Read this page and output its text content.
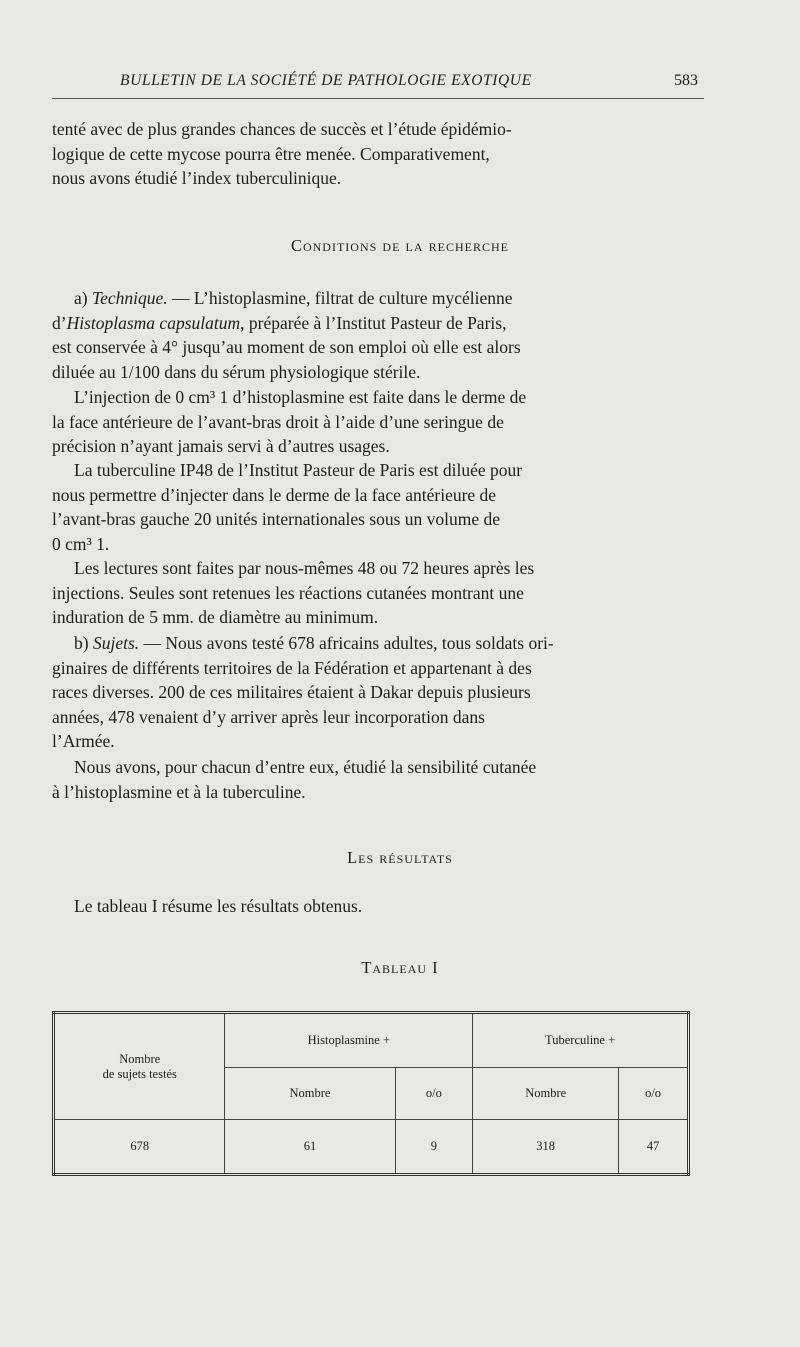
BULLETIN DE LA SOCIÉTÉ DE PATHOLOGIE EXOTIQUE	583

tenté avec de plus grandes chances de succès et l’étude épidémio-

logique de cette mycose pourra être menée. Comparativement,

nous avons étudié l’index tuberculinique.

Conditions de la recherche

a) Technique. — L’histoplasmine, filtrat de culture mycélienne

d’Histoplasma capsulatum, préparée à l’Institut Pasteur de Paris,

est conservée à 4° jusqu’au moment de son emploi où elle est alors

diluée au 1/100 dans du sérum physiologique stérile.

L’injection de 0 cm³ 1 d’histoplasmine est faite dans le derme de

la face antérieure de l’avant-bras droit à l’aide d’une seringue de

précision n’ayant jamais servi à d’autres usages.

La tuberculine IP48 de l’Institut Pasteur de Paris est diluée pour

nous permettre d’injecter dans le derme de la face antérieure de

l’avant-bras gauche 20 unités internationales sous un volume de

0 cm³ 1.

Les lectures sont faites par nous-mêmes 48 ou 72 heures après les

injections. Seules sont retenues les réactions cutanées montrant une

induration de 5 mm. de diamètre au minimum.

b) Sujets. — Nous avons testé 678 africains adultes, tous soldats ori-

ginaires de différents territoires de la Fédération et appartenant à des

races diverses. 200 de ces militaires étaient à Dakar depuis plusieurs

années, 478 venaient d’y arriver après leur incorporation dans

l’Armée.

Nous avons, pour chacun d’entre eux, étudié la sensibilité cutanée

à l’histoplasmine et à la tuberculine.

Les résultats
Le tableau I résume les résultats obtenus.
Tableau I
Nombre
de sujets testés	Histoplasmine +		Tuberculine +	
	Nombre	o/o	Nombre	o/o
678	61	9	318	47
